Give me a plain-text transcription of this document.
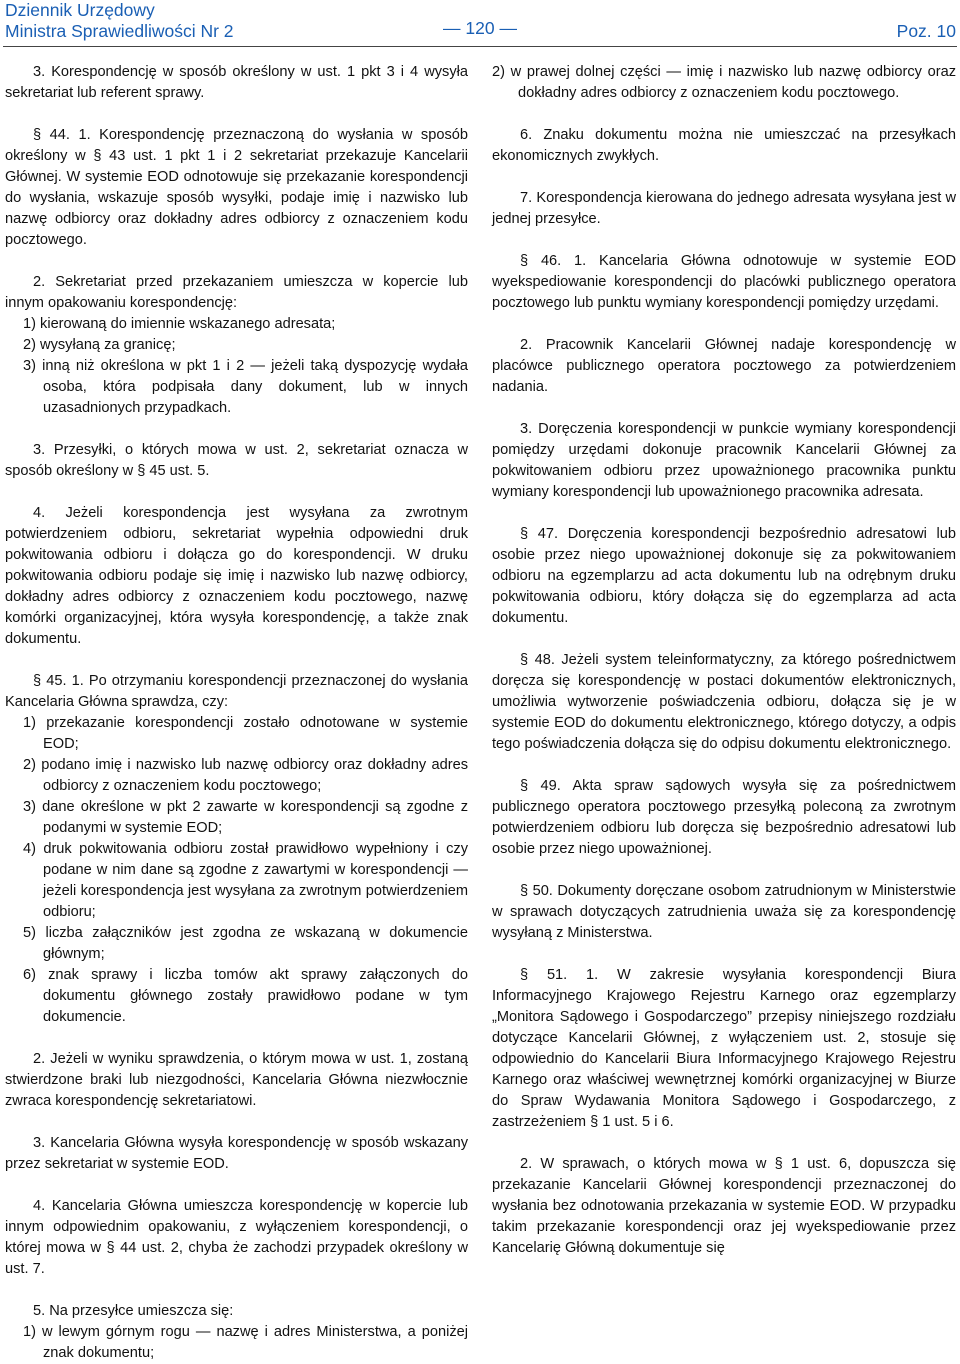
Dziennik Urzędowy
Ministra Sprawiedliwości Nr 2	— 120 —	Poz. 10

3. Korespondencję w sposób określony w ust. 1 pkt 3 i 4 wysyła sekretariat lub referent sprawy.

§ 44. 1. Korespondencję przeznaczoną do wysłania w sposób określony w § 43 ust. 1 pkt 1 i 2 sekretariat przekazuje Kancelarii Głównej. W systemie EOD odnotowuje się przekazanie korespondencji do wysłania, wskazuje sposób wysyłki, podaje imię i nazwisko lub nazwę odbiorcy oraz dokładny adres odbiorcy z oznaczeniem kodu pocztowego.

2. Sekretariat przed przekazaniem umieszcza w kopercie lub innym opakowaniu korespondencję:

1) kierowaną do imiennie wskazanego adresata;

2) wysyłaną za granicę;

3) inną niż określona w pkt 1 i 2 — jeżeli taką dyspozycję wydała osoba, która podpisała dany dokument, lub w innych uzasadnionych przypadkach.

3. Przesyłki, o których mowa w ust. 2, sekretariat oznacza w sposób określony w § 45 ust. 5.

4. Jeżeli korespondencja jest wysyłana za zwrotnym potwierdzeniem odbioru, sekretariat wypełnia odpowiedni druk pokwitowania odbioru i dołącza go do korespondencji. W druku pokwitowania odbioru podaje się imię i nazwisko lub nazwę odbiorcy, dokładny adres odbiorcy z oznaczeniem kodu pocztowego, nazwę komórki organizacyjnej, która wysyła korespondencję, a także znak dokumentu.

§ 45. 1. Po otrzymaniu korespondencji przeznaczonej do wysłania Kancelaria Główna sprawdza, czy:

1) przekazanie korespondencji zostało odnotowane w systemie EOD;

2) podano imię i nazwisko lub nazwę odbiorcy oraz dokładny adres odbiorcy z oznaczeniem kodu pocztowego;

3) dane określone w pkt 2 zawarte w korespondencji są zgodne z podanymi w systemie EOD;

4) druk pokwitowania odbioru został prawidłowo wypełniony i czy podane w nim dane są zgodne z zawartymi w korespondencji — jeżeli korespondencja jest wysyłana za zwrotnym potwierdzeniem odbioru;

5) liczba załączników jest zgodna ze wskazaną w dokumencie głównym;

6) znak sprawy i liczba tomów akt sprawy załączonych do dokumentu głównego zostały prawidłowo podane w tym dokumencie.

2. Jeżeli w wyniku sprawdzenia, o którym mowa w ust. 1, zostaną stwierdzone braki lub niezgodności, Kancelaria Główna niezwłocznie zwraca korespondencję sekretariatowi.

3. Kancelaria Główna wysyła korespondencję w sposób wskazany przez sekretariat w systemie EOD.

4. Kancelaria Główna umieszcza korespondencję w kopercie lub innym odpowiednim opakowaniu, z wyłączeniem korespondencji, o której mowa w § 44 ust. 2, chyba że zachodzi przypadek określony w ust. 7.

5. Na przesyłce umieszcza się:

1) w lewym górnym rogu — nazwę i adres Ministerstwa, a poniżej znak dokumentu;

2) w prawej dolnej części — imię i nazwisko lub nazwę odbiorcy oraz dokładny adres odbiorcy z oznaczeniem kodu pocztowego.

6. Znaku dokumentu można nie umieszczać na przesyłkach ekonomicznych zwykłych.

7. Korespondencja kierowana do jednego adresata wysyłana jest w jednej przesyłce.

§ 46. 1. Kancelaria Główna odnotowuje w systemie EOD wyekspediowanie korespondencji do placówki publicznego operatora pocztowego lub punktu wymiany korespondencji pomiędzy urzędami.

2. Pracownik Kancelarii Głównej nadaje korespondencję w placówce publicznego operatora pocztowego za potwierdzeniem nadania.

3. Doręczenia korespondencji w punkcie wymiany korespondencji pomiędzy urzędami dokonuje pracownik Kancelarii Głównej za pokwitowaniem odbioru przez upoważnionego pracownika punktu wymiany korespondencji lub upoważnionego pracownika adresata.

§ 47. Doręczenia korespondencji bezpośrednio adresatowi lub osobie przez niego upoważnionej dokonuje się za pokwitowaniem odbioru na egzemplarzu ad acta dokumentu lub na odrębnym druku pokwitowania odbioru, który dołącza się do egzemplarza ad acta dokumentu.

§ 48. Jeżeli system teleinformatyczny, za którego pośrednictwem doręcza się korespondencję w postaci dokumentów elektronicznych, umożliwia wytworzenie poświadczenia odbioru, dołącza się je w systemie EOD do dokumentu elektronicznego, którego dotyczy, a odpis tego poświadczenia dołącza się do odpisu dokumentu elektronicznego.

§ 49. Akta spraw sądowych wysyła się za pośrednictwem publicznego operatora pocztowego przesyłką poleconą za zwrotnym potwierdzeniem odbioru lub doręcza się bezpośrednio adresatowi lub osobie przez niego upoważnionej.

§ 50. Dokumenty doręczane osobom zatrudnionym w Ministerstwie w sprawach dotyczących zatrudnienia uważa się za korespondencję wysyłaną z Ministerstwa.

§ 51. 1. W zakresie wysyłania korespondencji Biura Informacyjnego Krajowego Rejestru Karnego oraz egzemplarzy „Monitora Sądowego i Gospodarczego” przepisy niniejszego rozdziału dotyczące Kancelarii Głównej, z wyłączeniem ust. 2, stosuje się odpowiednio do Kancelarii Biura Informacyjnego Krajowego Rejestru Karnego oraz właściwej wewnętrznej komórki organizacyjnej w Biurze do Spraw Wydawania Monitora Sądowego i Gospodarczego, z zastrzeżeniem § 1 ust. 5 i 6.

2. W sprawach, o których mowa w § 1 ust. 6, dopuszcza się przekazanie Kancelarii Głównej korespondencji przeznaczonej do wysłania bez odnotowania przekazania w systemie EOD. W przypadku takim przekazanie korespondencji oraz jej wyekspediowanie przez Kancelarię Główną dokumentuje się
